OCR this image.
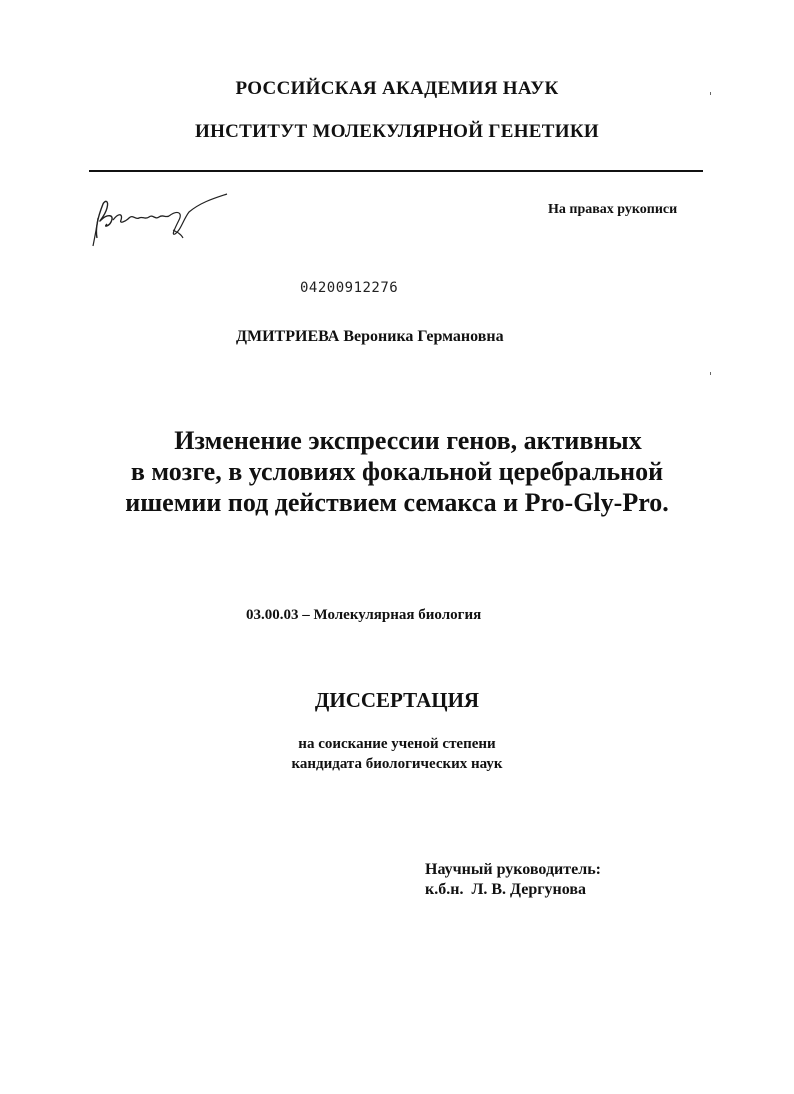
РОССИЙСКАЯ АКАДЕМИЯ НАУК
ИНСТИТУТ МОЛЕКУЛЯРНОЙ ГЕНЕТИКИ
На правах рукописи
04200912276
ДМИТРИЕВА Вероника Германовна
Изменение экспрессии генов, активных
в мозге, в условиях фокальной церебральной
ишемии под действием семакса и Pro-Gly-Pro.
03.00.03 – Молекулярная биология
ДИССЕРТАЦИЯ
на соискание ученой степени
кандидата биологических наук
Научный руководитель:
к.б.н.  Л. В. Дергунова
